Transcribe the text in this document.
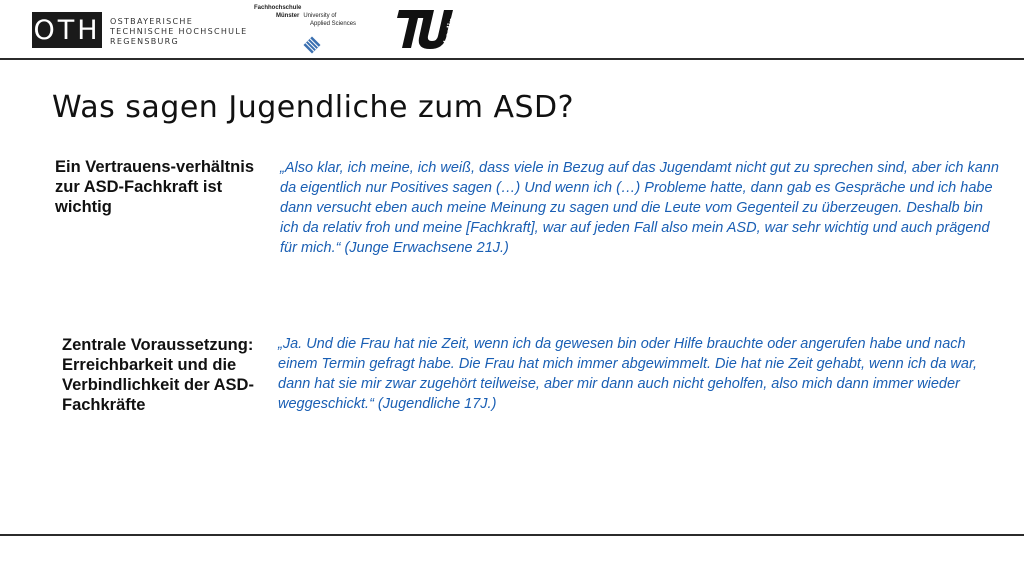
OTH OSTBAYERISCHE
TECHNISCHE HOCHSCHULE
REGENSBURG
Fachhochschule
Münster University of
Applied Sciences	berlin
Was sagen Jugendliche zum ASD?
Ein Vertrauens-verhältnis zur ASD-Fachkraft ist wichtig
„Also klar, ich meine, ich weiß, dass viele in Bezug auf das Jugendamt nicht gut zu sprechen sind, aber ich kann da eigentlich nur Positives sagen (…) Und wenn ich (…) Probleme hatte, dann gab es Gespräche und ich habe dann versucht eben auch meine Meinung zu sagen und die Leute vom Gegenteil zu überzeugen. Deshalb bin ich da relativ froh und meine [Fachkraft], war auf jeden Fall also mein ASD, war sehr wichtig und auch prägend für mich.“ (Junge Erwachsene 21J.)
Zentrale Voraussetzung: Erreichbarkeit und die Verbindlichkeit der ASD-Fachkräfte
„Ja. Und die Frau hat nie Zeit, wenn ich da gewesen bin oder Hilfe brauchte oder angerufen habe und nach einem Termin gefragt habe. Die Frau hat mich immer abgewimmelt. Die hat nie Zeit gehabt, wenn ich da war, dann hat sie mir zwar zugehört teilweise, aber mir dann auch nicht geholfen, also mich dann immer wieder weggeschickt.“ (Jugendliche 17J.)
